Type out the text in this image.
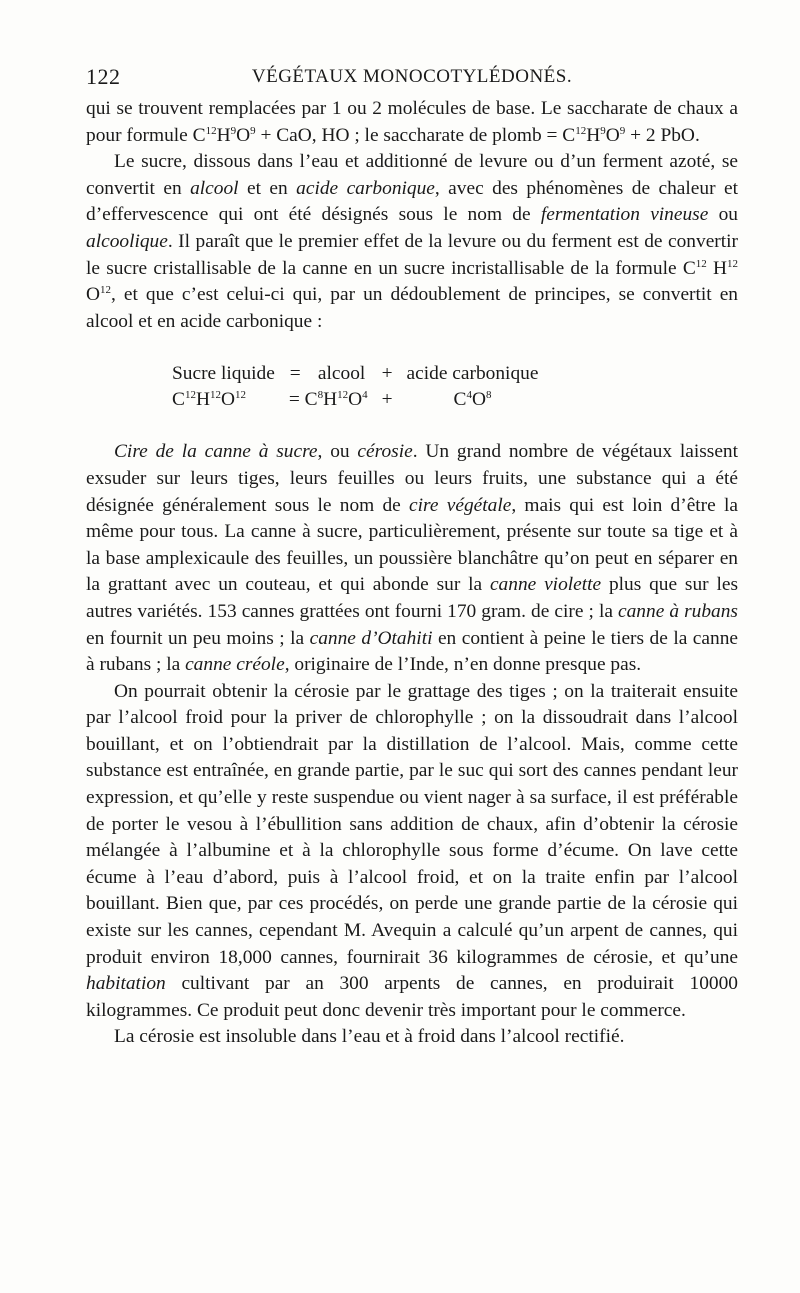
122	VÉGÉTAUX MONOCOTYLÉDONÉS.

qui se trouvent remplacées par 1 ou 2 molécules de base. Le saccharate de chaux a pour formule $C^{12}H^9O^9$ + CaO, HO ; le saccharate de plomb = $C^{12}H^9O^9 + 2$ PbO.

Le sucre, dissous dans l’eau et additionné de levure ou d’un ferment azoté, se convertit en alcool et en acide carbonique, avec des phénomènes de chaleur et d’effervescence qui ont été désignés sous le nom de fermentation vineuse ou alcoolique. Il paraît que le premier effet de la levure ou du ferment est de convertir le sucre cristallisable de la canne en un sucre incristallisable de la formule $C^{12}$ $H^{12}$ $O^{12}$, et que c’est celui-ci qui, par un dédoublement de principes, se convertit en alcool et en acide carbonique :

Sucre liquide	=	alcool	+	acide carbonique
$C^{12}H^{12}O^{12}$	= $C^8H^{12}O^4$		+	$C^4O^8$

Cire de la canne à sucre, ou cérosie. Un grand nombre de végétaux laissent exsuder sur leurs tiges, leurs feuilles ou leurs fruits, une substance qui a été désignée généralement sous le nom de cire végétale, mais qui est loin d’être la même pour tous. La canne à sucre, particulièrement, présente sur toute sa tige et à la base amplexicaule des feuilles, un poussière blanchâtre qu’on peut en séparer en la grattant avec un couteau, et qui abonde sur la canne violette plus que sur les autres variétés. 153 cannes grattées ont fourni 170 gram. de cire ; la canne à rubans en fournit un peu moins ; la canne d’Otahiti en contient à peine le tiers de la canne à rubans ; la canne créole, originaire de l’Inde, n’en donne presque pas.

On pourrait obtenir la cérosie par le grattage des tiges ; on la traiterait ensuite par l’alcool froid pour la priver de chlorophylle ; on la dissoudrait dans l’alcool bouillant, et on l’obtiendrait par la distillation de l’alcool. Mais, comme cette substance est entraînée, en grande partie, par le suc qui sort des cannes pendant leur expression, et qu’elle y reste suspendue ou vient nager à sa surface, il est préférable de porter le vesou à l’ébullition sans addition de chaux, afin d’obtenir la cérosie mélangée à l’albumine et à la chlorophylle sous forme d’écume. On lave cette écume à l’eau d’abord, puis à l’alcool froid, et on la traite enfin par l’alcool bouillant. Bien que, par ces procédés, on perde une grande partie de la cérosie qui existe sur les cannes, cependant M. Avequin a calculé qu’un arpent de cannes, qui produit environ 18,000 cannes, fournirait 36 kilogrammes de cérosie, et qu’une habitation cultivant par an 300 arpents de cannes, en produirait 10000 kilogrammes. Ce produit peut donc devenir très important pour le commerce.

La cérosie est insoluble dans l’eau et à froid dans l’alcool rectifié.
